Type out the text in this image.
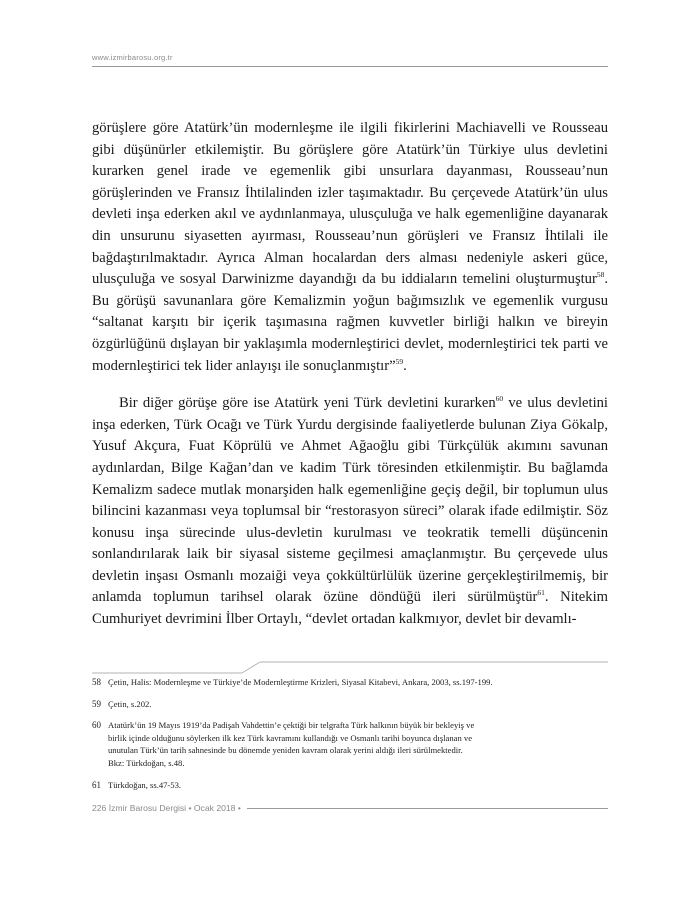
www.izmirbarosu.org.tr

görüşlere göre Atatürk’ün modernleşme ile ilgili fikirlerini Machiavelli ve Rousseau gibi düşünürler etkilemiştir. Bu görüşlere göre Atatürk’ün Türkiye ulus devletini kurarken genel irade ve egemenlik gibi unsurlara dayanması, Rousseau’nun görüşlerinden ve Fransız İhtilalinden izler taşımaktadır. Bu çerçevede Atatürk’ün ulus devleti inşa ederken akıl ve aydınlanmaya, ulusçuluğa ve halk egemenliğine dayanarak din unsurunu siyasetten ayırması, Rousseau’nun görüşleri ve Fransız İhtilali ile bağdaştırılmaktadır. Ayrıca Alman hocalardan ders alması nedeniyle askeri güce, ulusçuluğa ve sosyal Darwinizme dayandığı da bu iddiaların temelini oluşturmuştur$^{58}$. Bu görüşü savunanlara göre Kemalizmin yoğun bağımsızlık ve egemenlik vurgusu “saltanat karşıtı bir içerik taşımasına rağmen kuvvetler birliği halkın ve bireyin özgürlüğünü dışlayan bir yaklaşımla modernleştirici devlet, modernleştirici tek parti ve modernleştirici tek lider anlayışı ile sonuçlanmıştır”$^{59}$.

Bir diğer görüşe göre ise Atatürk yeni Türk devletini kurarken$^{60}$ ve ulus devletini inşa ederken, Türk Ocağı ve Türk Yurdu dergisinde faaliyetlerde bulunan Ziya Gökalp, Yusuf Akçura, Fuat Köprülü ve Ahmet Ağaoğlu gibi Türkçülük akımını savunan aydınlardan, Bilge Kağan’dan ve kadim Türk töresinden etkilenmiştir. Bu bağlamda Kemalizm sadece mutlak monarşiden halk egemenliğine geçiş değil, bir toplumun ulus bilincini kazanması veya toplumsal bir “restorasyon süreci” olarak ifade edilmiştir. Söz konusu inşa sürecinde ulus-devletin kurulması ve teokratik temelli düşüncenin sonlandırılarak laik bir siyasal sisteme geçilmesi amaçlanmıştır. Bu çerçevede ulus devletin inşası Osmanlı mozaiği veya çokkültürlülük üzerine gerçekleştirilmemiş, bir anlamda toplumun tarihsel olarak özüne döndüğü ileri sürülmüştür$^{61}$. Nitekim Cumhuriyet devrimini İlber Ortaylı, “devlet ortadan kalkmıyor, devlet bir devamlı-

58 Çetin, Halis: Modernleşme ve Türkiye’de Modernleştirme Krizleri, Siyasal Kitabevi, Ankara, 2003, ss.197-199.
59 Çetin, s.202.
60 Atatürk’ün 19 Mayıs 1919’da Padişah Vahdettin’e çektiği bir telgrafta Türk halkının büyük bir bekleyiş ve
birlik içinde olduğunu söylerken ilk kez Türk kavramını kullandığı ve Osmanlı tarihi boyunca dışlanan ve
unutulan Türk’ün tarih sahnesinde bu dönemde yeniden kavram olarak yerini aldığı ileri sürülmektedir.
Bkz: Türkdoğan, s.48.
61 Türkdoğan, ss.47-53.
226 İzmir Barosu Dergisi • Ocak 2018 •
